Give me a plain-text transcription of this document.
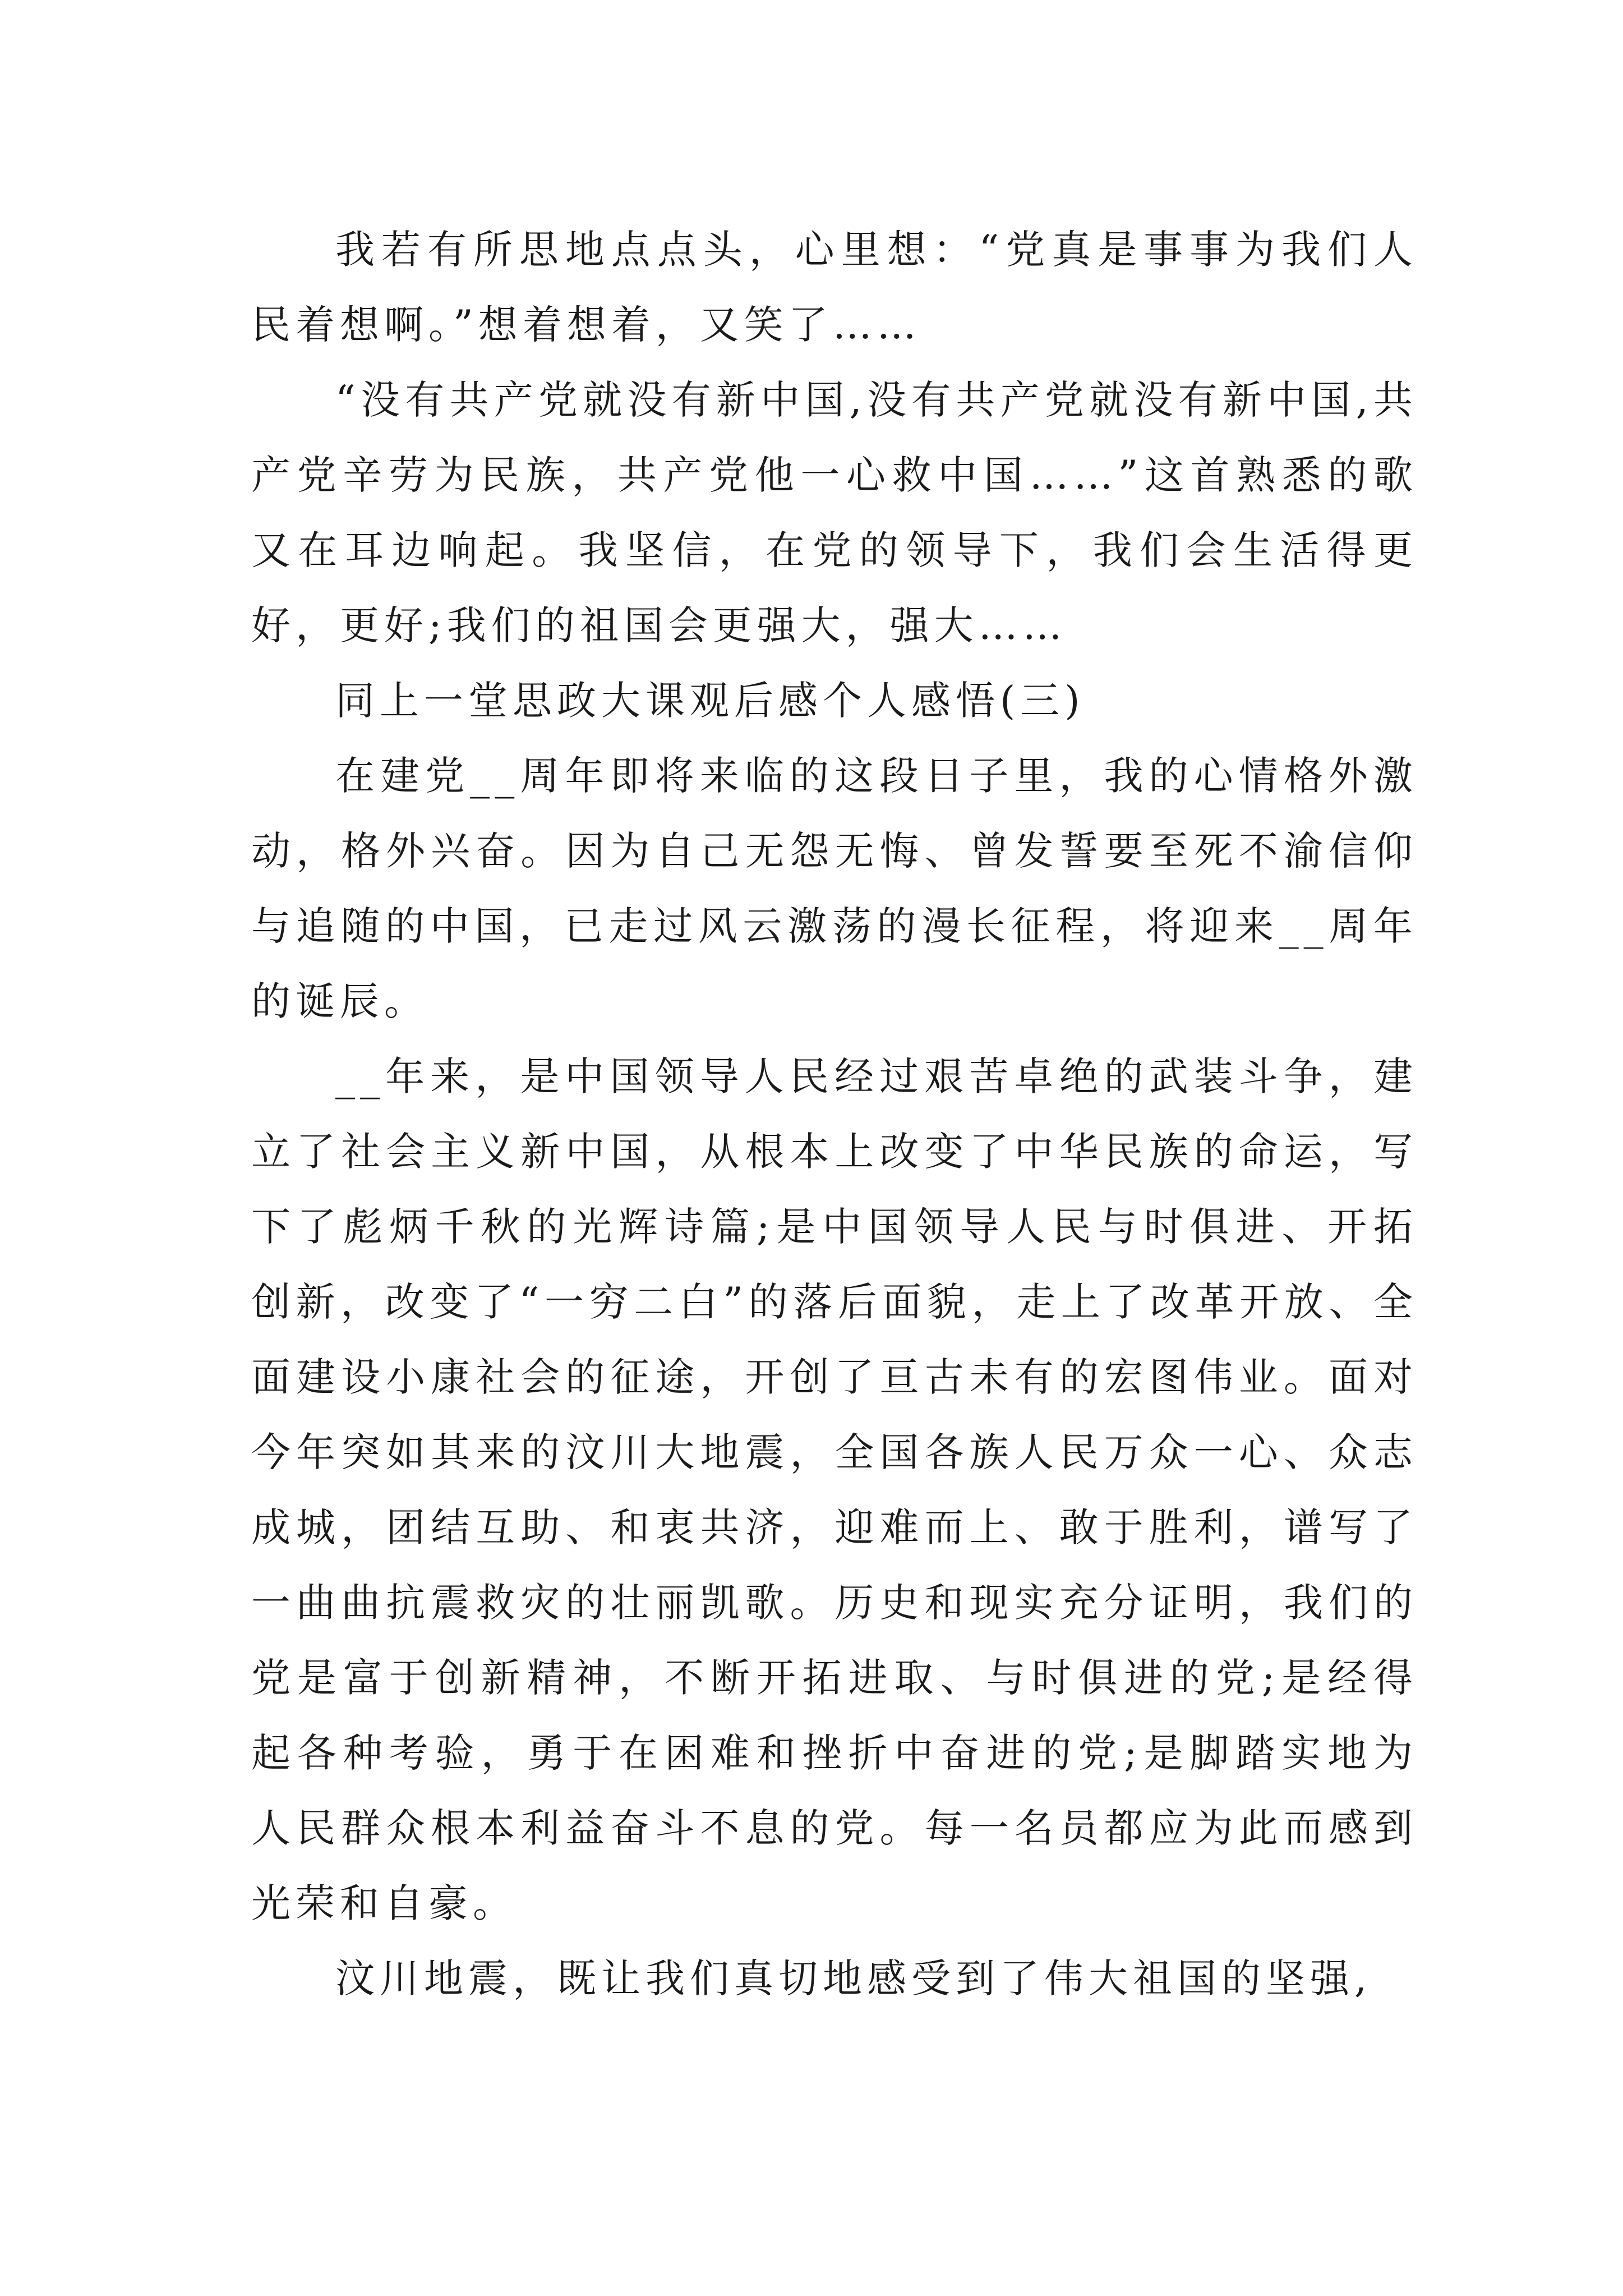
我若有所思地点点头，心里想：“党真是事事为我们人民着想啊。”想着想着，又笑了……

“没有共产党就没有新中国,没有共产党就没有新中国,共产党辛劳为民族，共产党他一心救中国……”这首熟悉的歌又在耳边响起。我坚信，在党的领导下，我们会生活得更好，更好;我们的祖国会更强大，强大……

同上一堂思政大课观后感个人感悟(三)

在建党__周年即将来临的这段日子里，我的心情格外激动，格外兴奋。因为自己无怨无悔、曾发誓要至死不渝信仰与追随的中国，已走过风云激荡的漫长征程，将迎来__周年的诞辰。

__年来，是中国领导人民经过艰苦卓绝的武装斗争，建立了社会主义新中国，从根本上改变了中华民族的命运，写下了彪炳千秋的光辉诗篇;是中国领导人民与时俱进、开拓创新，改变了“一穷二白”的落后面貌，走上了改革开放、全面建设小康社会的征途，开创了亘古未有的宏图伟业。面对今年突如其来的汶川大地震，全国各族人民万众一心、众志成城，团结互助、和衷共济，迎难而上、敢于胜利，谱写了一曲曲抗震救灾的壮丽凯歌。历史和现实充分证明，我们的党是富于创新精神，不断开拓进取、与时俱进的党;是经得起各种考验，勇于在困难和挫折中奋进的党;是脚踏实地为人民群众根本利益奋斗不息的党。每一名员都应为此而感到光荣和自豪。

汶川地震，既让我们真切地感受到了伟大祖国的坚强,
